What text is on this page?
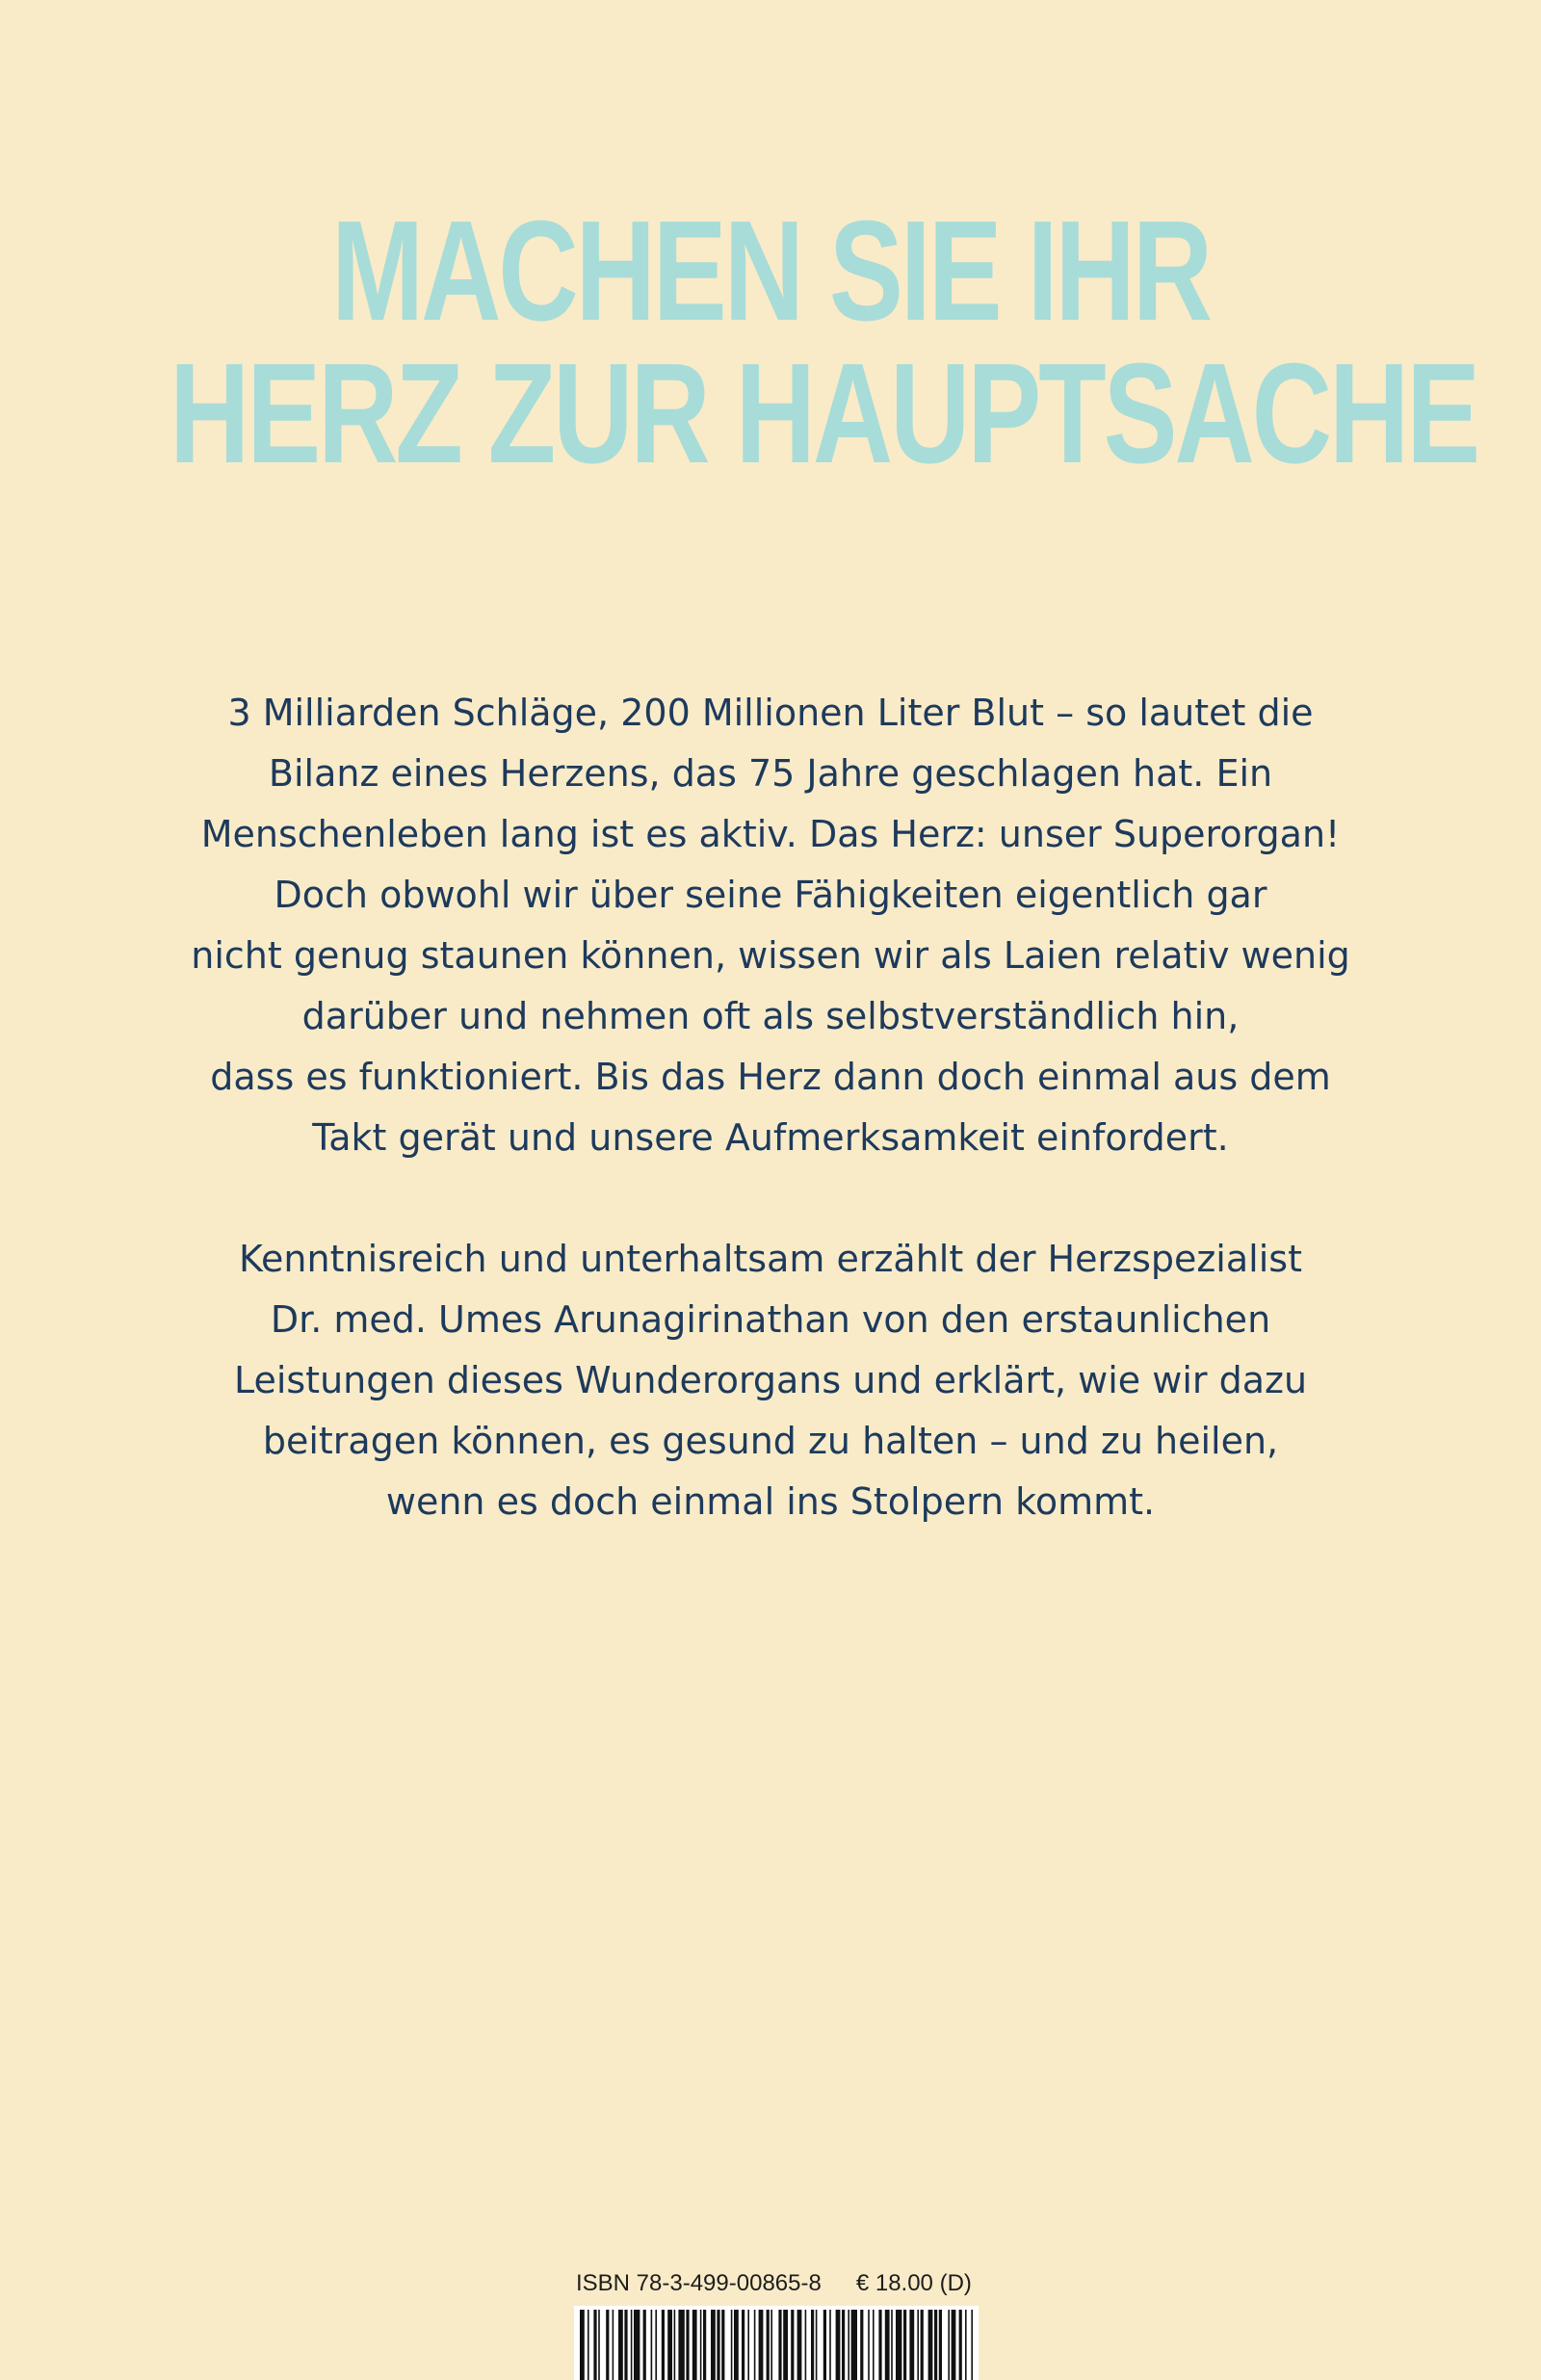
MACHEN SIE IHR
HERZ ZUR HAUPTSACHE
3 Milliarden Schläge, 200 Millionen Liter Blut – so lautet die
Bilanz eines Herzens, das 75 Jahre geschlagen hat. Ein
Menschenleben lang ist es aktiv. Das Herz: unser Superorgan!
Doch obwohl wir über seine Fähigkeiten eigentlich gar
nicht genug staunen können, wissen wir als Laien relativ wenig
darüber und nehmen oft als selbstverständlich hin,
dass es funktioniert. Bis das Herz dann doch einmal aus dem
Takt gerät und unsere Aufmerksamkeit einfordert.
Kenntnisreich und unterhaltsam erzählt der Herzspezialist
Dr. med. Umes Arunagirinathan von den erstaunlichen
Leistungen dieses Wunderorgans und erklärt, wie wir dazu
beitragen können, es gesund zu halten – und zu heilen,
wenn es doch einmal ins Stolpern kommt.
ISBN 78-3-499-00865-8 € 18.00 (D)
